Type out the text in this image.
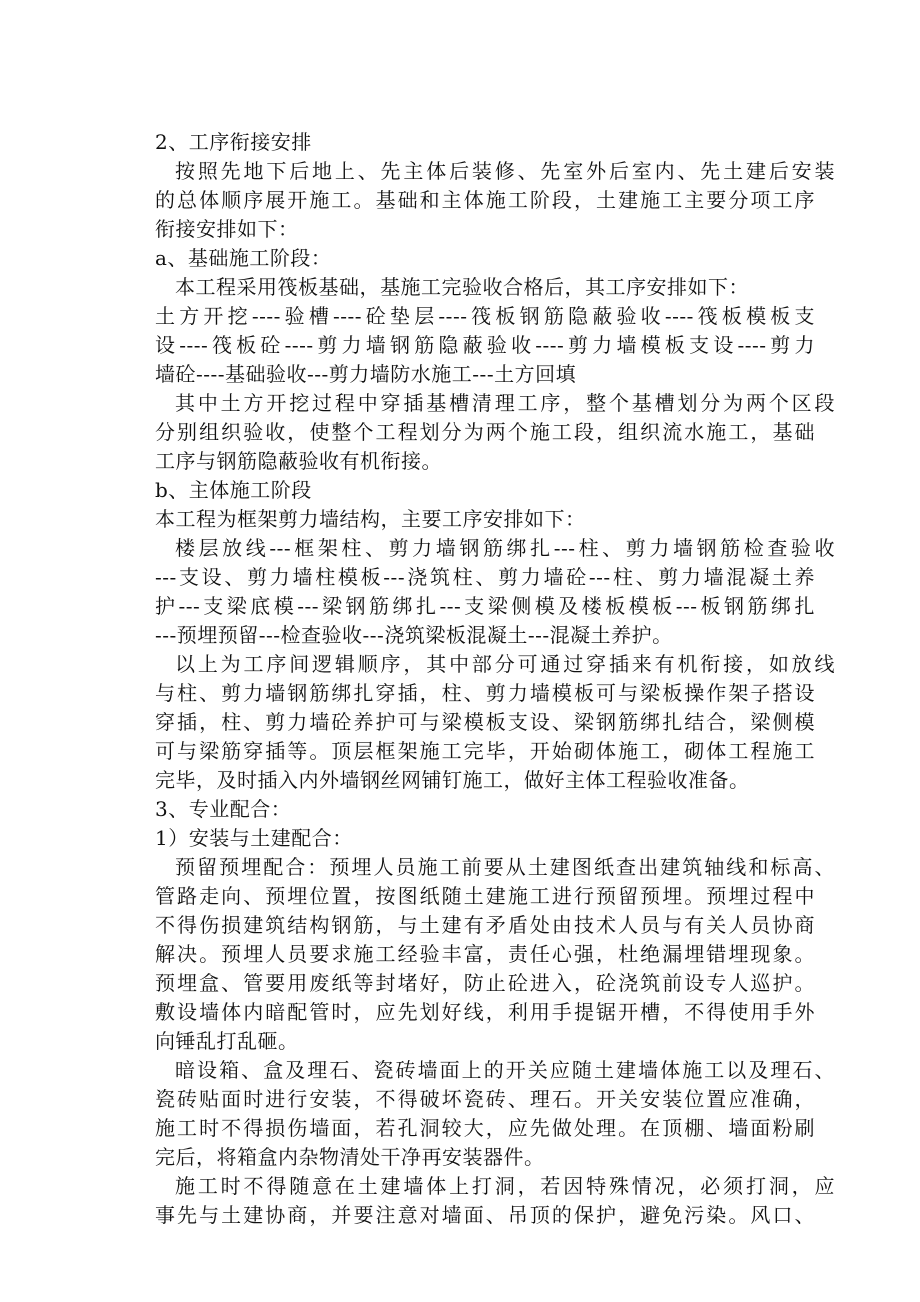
2、工序衔接安排
按照先地下后地上、先主体后装修、先室外后室内、先土建后安装
的总体顺序展开施工。基础和主体施工阶段，土建施工主要分项工序
衔接安排如下：
a、基础施工阶段：
本工程采用筏板基础，基施工完验收合格后，其工序安排如下：
土方开挖----验槽----砼垫层----筏板钢筋隐蔽验收----筏板模板支
设----筏板砼----剪力墙钢筋隐蔽验收----剪力墙模板支设----剪力
墙砼----基础验收---剪力墙防水施工---土方回填
其中土方开挖过程中穿插基槽清理工序，整个基槽划分为两个区段
分别组织验收，使整个工程划分为两个施工段，组织流水施工，基础
工序与钢筋隐蔽验收有机衔接。
b、主体施工阶段
本工程为框架剪力墙结构，主要工序安排如下：
楼层放线---框架柱、剪力墙钢筋绑扎---柱、剪力墙钢筋检查验收
---支设、剪力墙柱模板---浇筑柱、剪力墙砼---柱、剪力墙混凝土养
护---支梁底模---梁钢筋绑扎---支梁侧模及楼板模板---板钢筋绑扎
---预埋预留---检查验收---浇筑梁板混凝土---混凝土养护。
以上为工序间逻辑顺序，其中部分可通过穿插来有机衔接，如放线
与柱、剪力墙钢筋绑扎穿插，柱、剪力墙模板可与梁板操作架子搭设
穿插，柱、剪力墙砼养护可与梁模板支设、梁钢筋绑扎结合，梁侧模
可与梁筋穿插等。顶层框架施工完毕，开始砌体施工，砌体工程施工
完毕，及时插入内外墙钢丝网铺钉施工，做好主体工程验收准备。
3、专业配合：
1）安装与土建配合：
预留预埋配合：预埋人员施工前要从土建图纸查出建筑轴线和标高、
管路走向、预埋位置，按图纸随土建施工进行预留预埋。预埋过程中
不得伤损建筑结构钢筋，与土建有矛盾处由技术人员与有关人员协商
解决。预埋人员要求施工经验丰富，责任心强，杜绝漏埋错埋现象。
预埋盒、管要用废纸等封堵好，防止砼进入，砼浇筑前设专人巡护。
敷设墙体内暗配管时，应先划好线，利用手提锯开槽，不得使用手外
向锤乱打乱砸。
暗设箱、盒及理石、瓷砖墙面上的开关应随土建墙体施工以及理石、
瓷砖贴面时进行安装，不得破坏瓷砖、理石。开关安装位置应准确，
施工时不得损伤墙面，若孔洞较大，应先做处理。在顶棚、墙面粉刷
完后，将箱盒内杂物清处干净再安装器件。
施工时不得随意在土建墙体上打洞，若因特殊情况，必须打洞，应
事先与土建协商，并要注意对墙面、吊顶的保护，避免污染。风口、
